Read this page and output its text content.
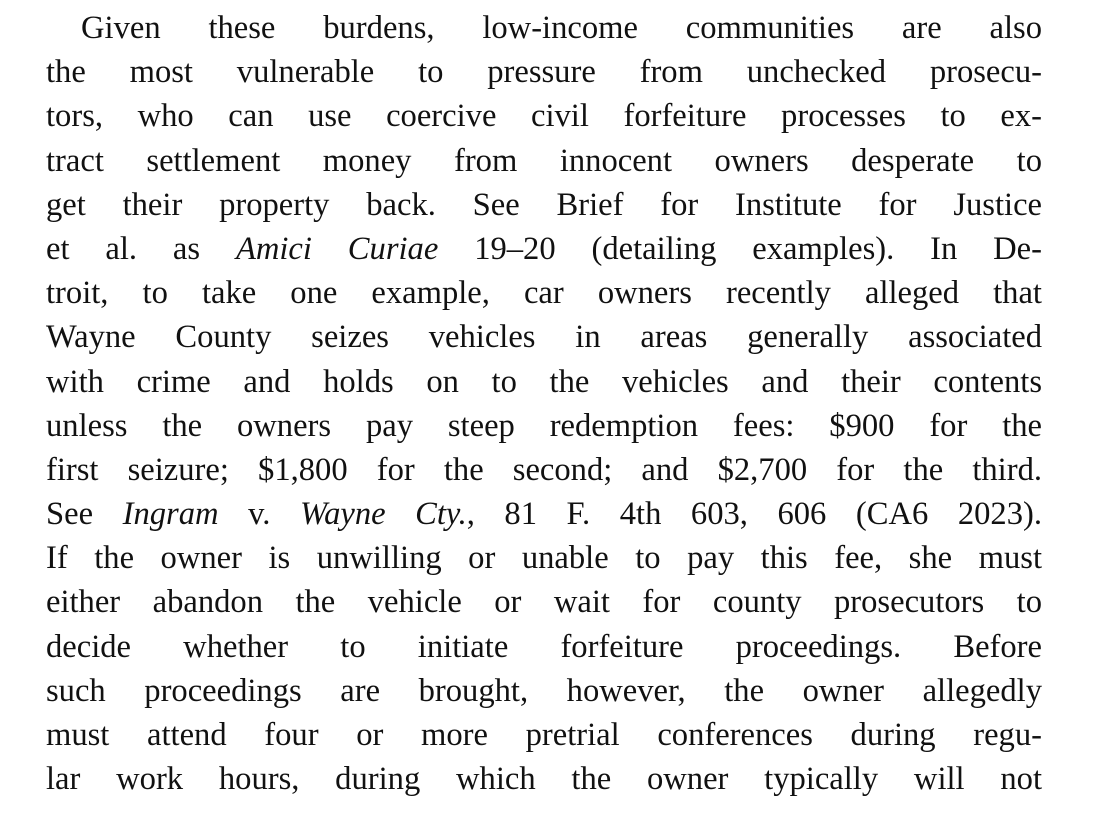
Given these burdens, low-income communities are also
the most vulnerable to pressure from unchecked prosecu-
tors, who can use coercive civil forfeiture processes to ex-
tract settlement money from innocent owners desperate to
get their property back. See Brief for Institute for Justice
et al. as Amici Curiae 19–20 (detailing examples). In De-
troit, to take one example, car owners recently alleged that
Wayne County seizes vehicles in areas generally associated
with crime and holds on to the vehicles and their contents
unless the owners pay steep redemption fees: $900 for the
first seizure; $1,800 for the second; and $2,700 for the third.
See Ingram v. Wayne Cty., 81 F. 4th 603, 606 (CA6 2023).
If the owner is unwilling or unable to pay this fee, she must
either abandon the vehicle or wait for county prosecutors to
decide whether to initiate forfeiture proceedings. Before
such proceedings are brought, however, the owner allegedly
must attend four or more pretrial conferences during regu-
lar work hours, during which the owner typically will not
